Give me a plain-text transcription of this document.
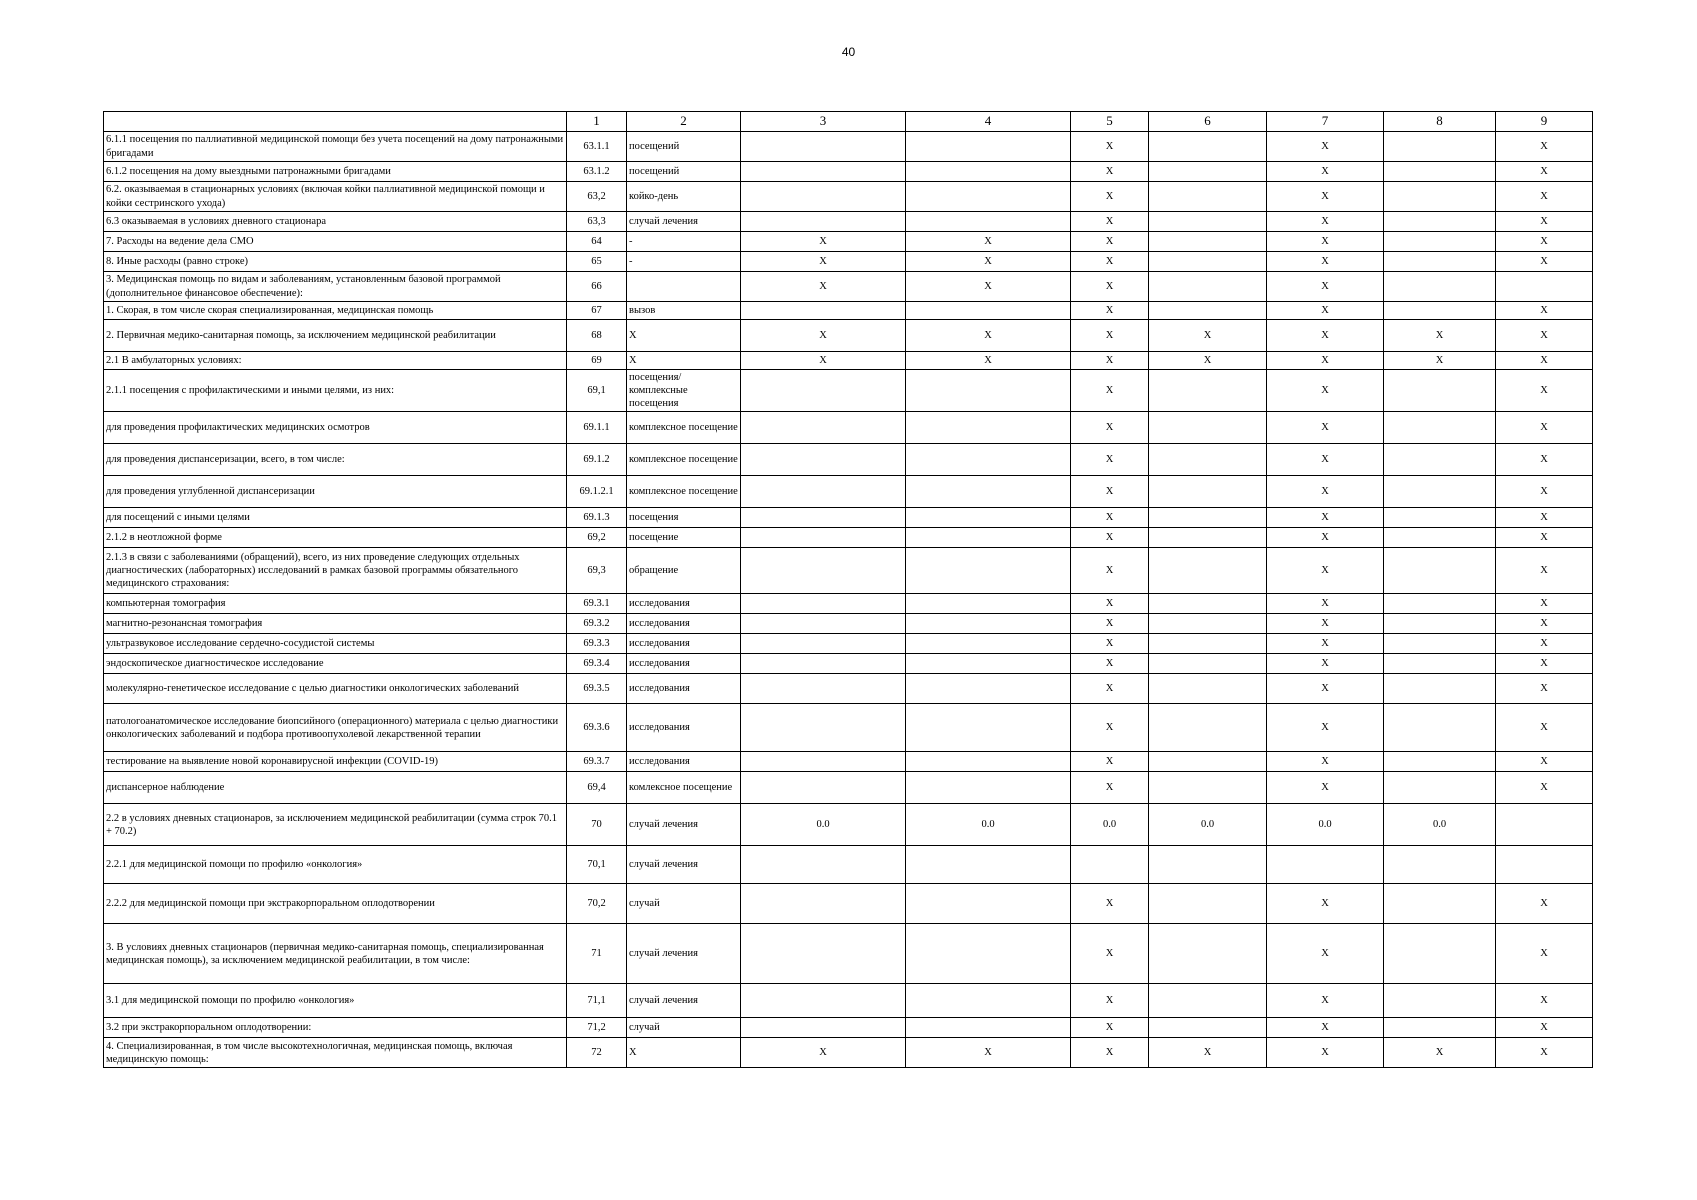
40
	1	2	3	4	5	6	7	8	9
6.1.1 посещения по паллиативной медицинской помощи без учета посещений на дому патронажными бригадами	63.1.1	посещений			X		X		X
6.1.2 посещения на дому выездными патронажными бригадами	63.1.2	посещений			X		X		X
6.2. оказываемая в стационарных условиях (включая койки паллиативной медицинской помощи и койки сестринского ухода)	63,2	койко-день			X		X		X
6.3 оказываемая в условиях дневного стационара	63,3	случай лечения			X		X		X
7. Расходы на ведение дела СМО	64	-	X	X	X		X		X
8. Иные расходы (равно строке)	65	-	X	X	X		X		X
3. Медицинская помощь по видам и заболеваниям, установленным базовой программой (дополнительное финансовое обеспечение):	66		X	X	X		X		
1. Скорая, в том числе скорая специализированная, медицинская помощь	67	вызов			X		X		X
2. Первичная медико-санитарная помощь, за исключением медицинской реабилитации	68	X	X	X	X	X	X	X	X
2.1 В амбулаторных условиях:	69	X	X	X	X	X	X	X	X
2.1.1 посещения с профилактическими и иными целями, из них:	69,1	посещения/комплексные посещения			X		X		X
для проведения профилактических медицинских осмотров	69.1.1	комплексное посещение			X		X		X
для проведения диспансеризации, всего, в том числе:	69.1.2	комплексное посещение			X		X		X
для проведения углубленной диспансеризации	69.1.2.1	комплексное посещение			X		X		X
для посещений с иными целями	69.1.3	посещения			X		X		X
2.1.2 в неотложной форме	69,2	посещение			X		X		X
2.1.3 в связи с заболеваниями (обращений), всего, из них проведение следующих отдельных диагностических (лабораторных) исследований в рамках базовой программы обязательного медицинского страхования:	69,3	обращение			X		X		X
компьютерная томография	69.3.1	исследования			X		X		X
магнитно-резонансная томография	69.3.2	исследования			X		X		X
ультразвуковое исследование сердечно-сосудистой системы	69.3.3	исследования			X		X		X
эндоскопическое диагностическое исследование	69.3.4	исследования			X		X		X
молекулярно-генетическое исследование с целью диагностики онкологических заболеваний	69.3.5	исследования			X		X		X
патологоанатомическое исследование биопсийного (операционного) материала с целью диагностики онкологических заболеваний и подбора противоопухолевой лекарственной терапии	69.3.6	исследования			X		X		X
тестирование на выявление новой коронавирусной инфекции (COVID-19)	69.3.7	исследования			X		X		X
диспансерное наблюдение	69,4	комлексное посещение			X		X		X
2.2 в условиях дневных стационаров, за исключением медицинской реабилитации (сумма строк 70.1 + 70.2)	70	случай лечения	0.0	0.0	0.0	0.0	0.0	0.0	
2.2.1 для медицинской помощи по профилю «онкология»	70,1	случай лечения							
2.2.2 для медицинской помощи при экстракорпоральном оплодотворении	70,2	случай			X		X		X
3. В условиях дневных стационаров (первичная медико-санитарная помощь, специализированная медицинская помощь), за исключением медицинской реабилитации, в том числе:	71	случай лечения			X		X		X
3.1 для медицинской помощи по профилю «онкология»	71,1	случай лечения			X		X		X
3.2 при экстракорпоральном оплодотворении:	71,2	случай			X		X		X
4. Специализированная, в том числе высокотехнологичная, медицинская помощь, включая медицинскую помощь:	72	X	X	X	X	X	X	X	X
